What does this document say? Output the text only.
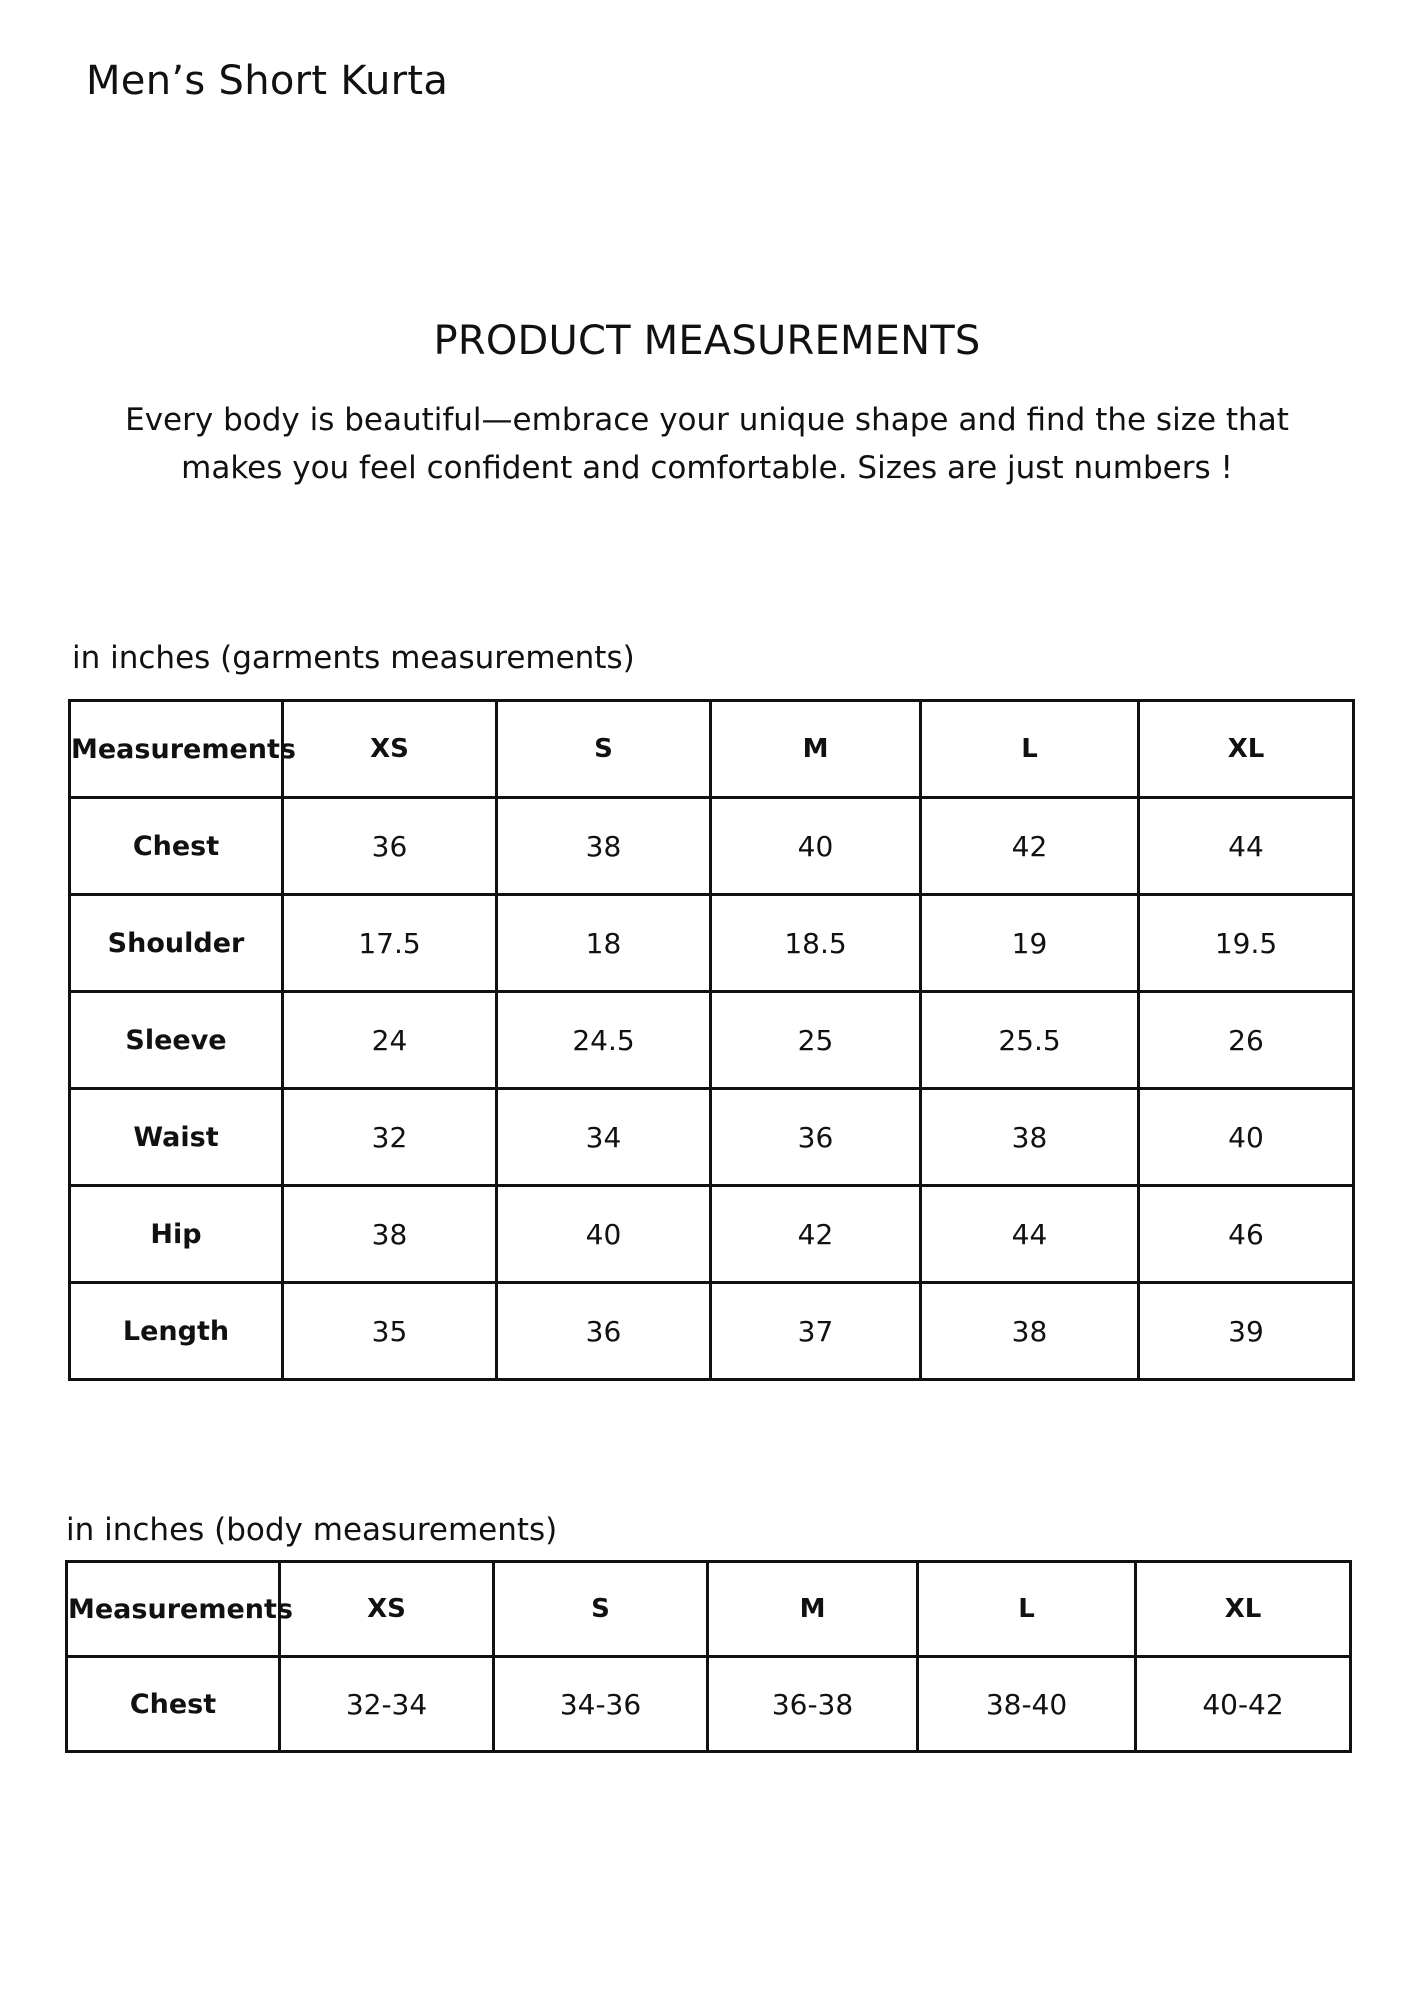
Men’s Short Kurta
PRODUCT MEASUREMENTS

Every body is beautiful—embrace your unique shape and find the size that
makes you feel confident and comfortable. Sizes are just numbers !

in inches (garments measurements)

Measurements	XS	S	M	L	XL
Chest	36	38	40	42	44
Shoulder	17.5	18	18.5	19	19.5
Sleeve	24	24.5	25	25.5	26
Waist	32	34	36	38	40
Hip	38	40	42	44	46
Length	35	36	37	38	39

in inches (body measurements)

Measurements	XS	S	M	L	XL
Chest	32-34	34-36	36-38	38-40	40-42
